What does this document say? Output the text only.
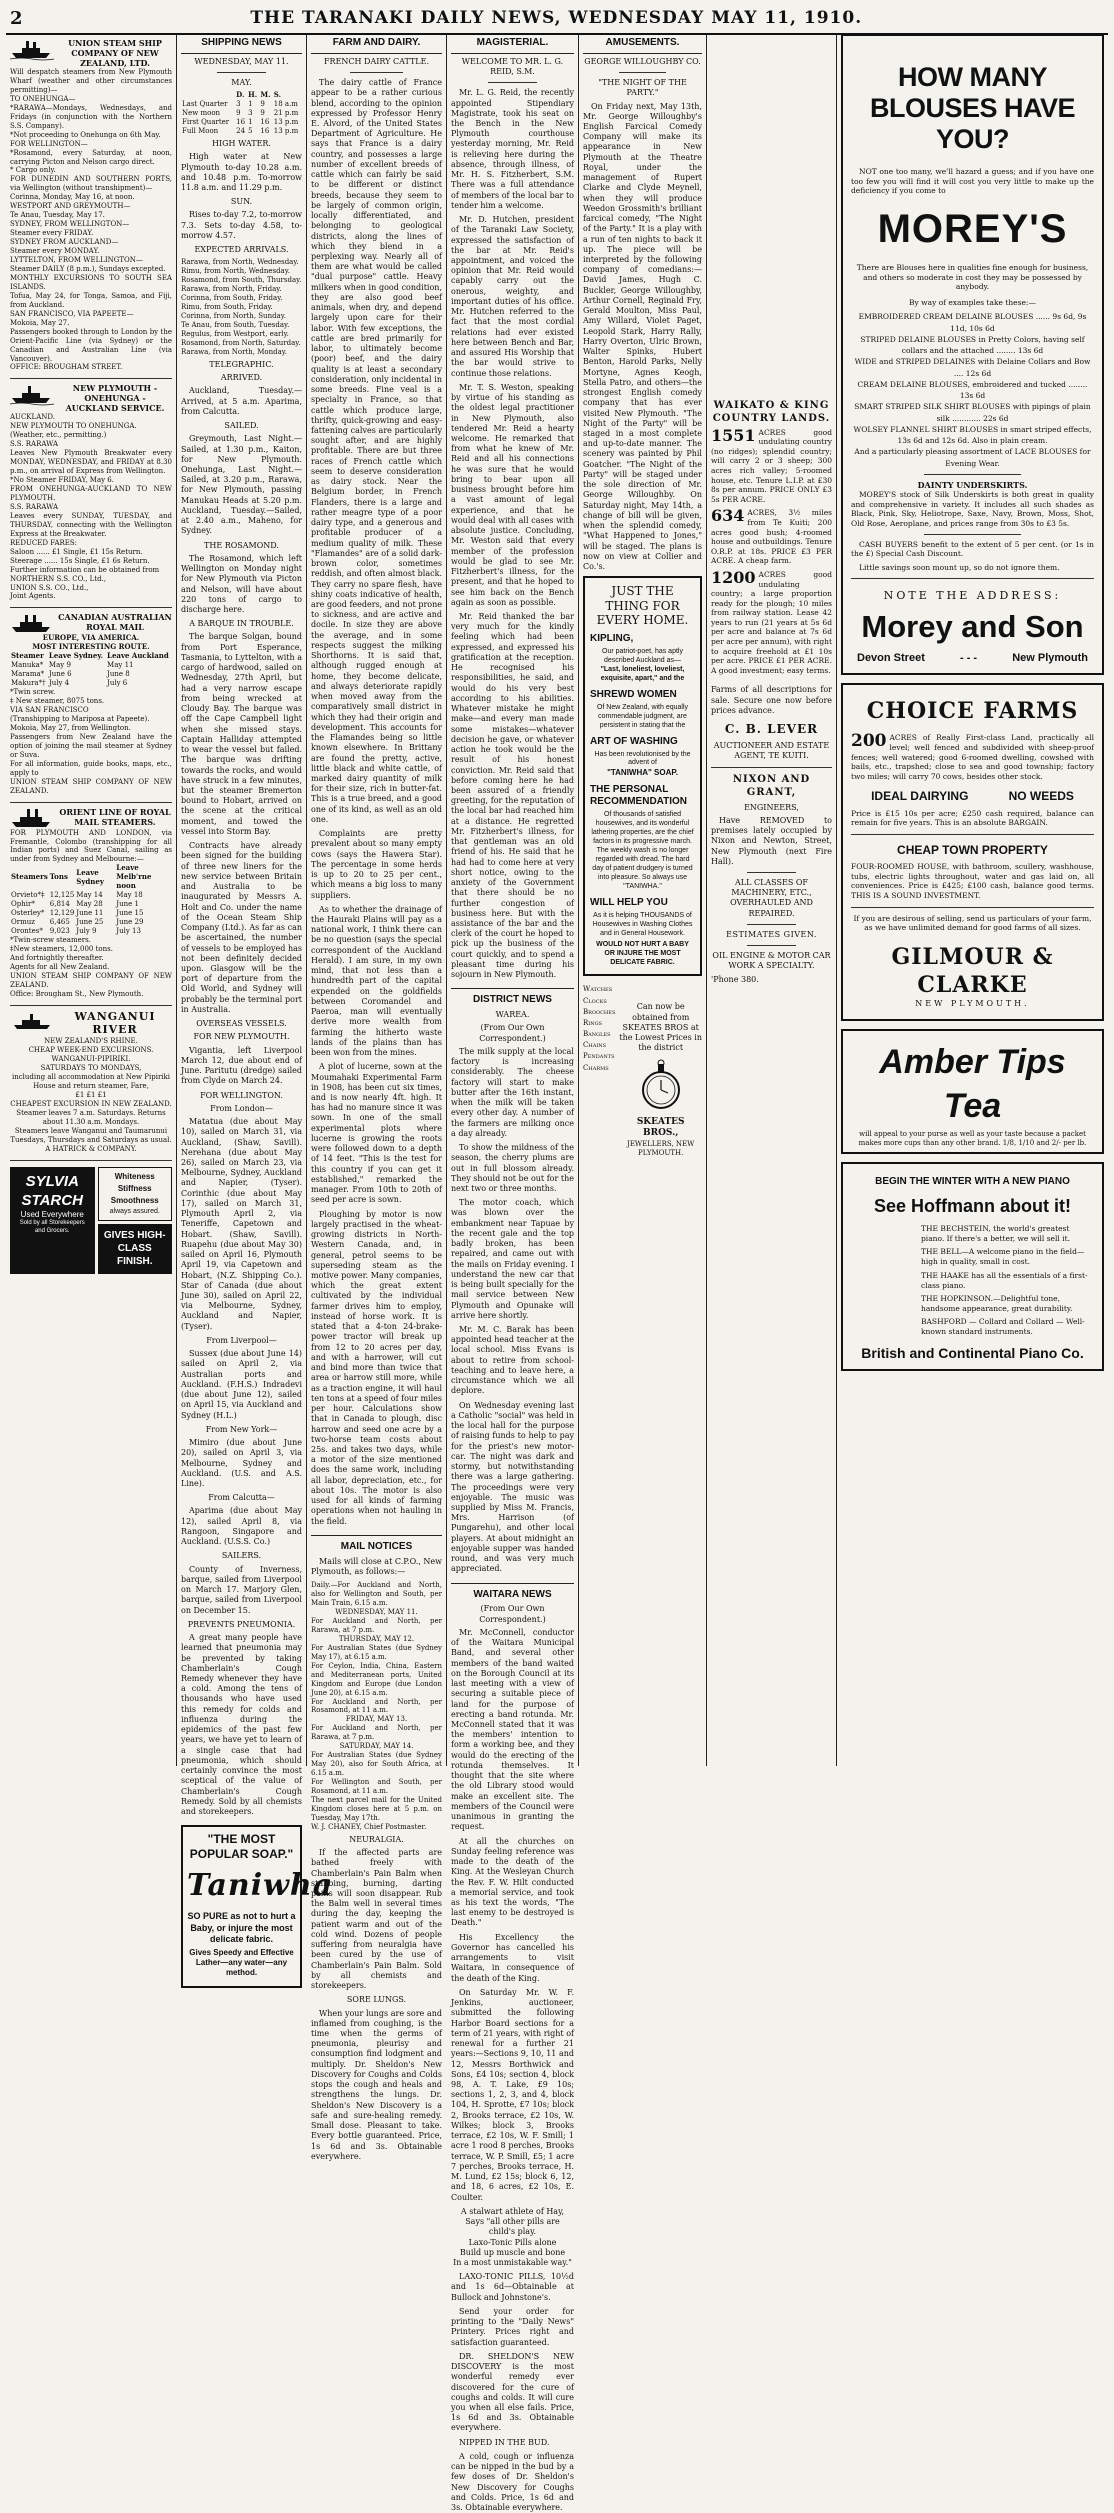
2	THE TARANAKI DAILY NEWS, WEDNESDAY MAY 11, 1910.
UNION STEAM SHIP COMPANY OF NEW ZEALAND, LTD.

Will despatch steamers from New Plymouth Wharf (weather and other circumstances permitting)—

TO ONEHUNGA—

*RARAWA—Mondays, Wednesdays, and Fridays (in conjunction with the Northern S.S. Company).

*Not proceeding to Onehunga on 6th May.

FOR WELLINGTON—

*Rosamond, every Saturday, at noon, carrying Picton and Nelson cargo direct.

* Cargo only.

FOR DUNEDIN AND SOUTHERN PORTS, via Wellington (without transhipment)—

Corinna, Monday, May 16, at noon.

WESTPORT AND GREYMOUTH—

Te Anau, Tuesday, May 17.

SYDNEY, FROM WELLINGTON—

Steamer every FRIDAY.

SYDNEY FROM AUCKLAND—

Steamer every MONDAY.

LYTTELTON, FROM WELLINGTON—

Steamer DAILY (8 p.m.), Sundays excepted.

MONTHLY EXCURSIONS TO SOUTH SEA ISLANDS.

Tofua, May 24, for Tonga, Samoa, and Fiji, from Auckland.

SAN FRANCISCO, VIA PAPEETE—

Mokoia, May 27.

Passengers booked through to London by the Orient-Pacific Line (via Sydney) or the Canadian and Australian Line (via Vancouver).

OFFICE: BROUGHAM STREET.

NEW PLYMOUTH - ONEHUNGA - AUCKLAND SERVICE.

AUCKLAND.

NEW PLYMOUTH TO ONEHUNGA.

(Weather, etc., permitting.)

S.S. RARAWA

Leaves New Plymouth Breakwater every MONDAY, WEDNESDAY, and FRIDAY at 8.30 p.m., on arrival of Express from Wellington.

*No Steamer FRIDAY, May 6.

FROM ONEHUNGA-AUCKLAND TO NEW PLYMOUTH.

S.S. RARAWA

Leaves every SUNDAY, TUESDAY, and THURSDAY, connecting with the Wellington Express at the Breakwater.

REDUCED FARES:

Saloon ...... £1 Single, £1 15s Return.

Steerage ...... 15s Single, £1 6s Return.

Further information can be obtained from

NORTHERN S.S. CO., Ltd.,

UNION S.S. CO., Ltd.,

Joint Agents.

CANADIAN AUSTRALIAN ROYAL MAIL

EUROPE, VIA AMERICA.

MOST INTERESTING ROUTE.

Steamer	Leave Sydney.	Leave Auckland
Manuka*	May 9	May 11
Marama*	June 6	June 8
Makura*†	July 4	July 6

*Twin screw.

‡ New steamer, 8075 tons.

VIA SAN FRANCISCO

(Transhipping to Mariposa at Papeete).

Mokoia, May 27, from Wellington.

Passengers from New Zealand have the option of joining the mail steamer at Sydney or Suva.

For all information, guide books, maps, etc., apply to

UNION STEAM SHIP COMPANY OF NEW ZEALAND.

ORIENT LINE OF ROYAL MAIL STEAMERS.

FOR PLYMOUTH AND LONDON, via Fremantle, Colombo (transhipping for all Indian ports) and Suez Canal, sailing as under from Sydney and Melbourne:—

Steamers	Tons	Leave Sydney	Leave Melb'rne noon
Orvieto*‡	12,125	May 14	May 18
Ophir*	6,814	May 28	June 1
Osterley*	12,129	June 11	June 15
Ormuz	6,465	June 25	June 29
Orontes*	9,023	July 9	July 13

*Twin-screw steamers.

‡New steamers, 12,000 tons.

And fortnightly thereafter.

Agents for all New Zealand.

UNION STEAM SHIP COMPANY OF NEW ZEALAND.

Office: Brougham St., New Plymouth.

WANGANUI RIVER

NEW ZEALAND'S RHINE.

CHEAP WEEK-END EXCURSIONS.

WANGANUI-PIPIRIKI.

SATURDAYS TO MONDAYS,

including all accommodation at New Pipiriki House and return steamer, Fare,

£1 £1 £1

CHEAPEST EXCURSION IN NEW ZEALAND.

Steamer leaves 7 a.m. Saturdays. Returns about 11.30 a.m. Mondays.

Steamers leave Wanganui and Taumarunui Tuesdays, Thursdays and Saturdays as usual.

A HATRICK & COMPANY.

SYLVIA STARCH
Used Everywhere
Sold by all Storekeepers and Grocers.
Whiteness
Stiffness
Smoothness
always assured.
GIVES HIGH-CLASS FINISH.
SHIPPING NEWS
WEDNESDAY, MAY 11.
MAY.
	D.	H.	M.	S.
Last Quarter	3	1	9	18 a.m
New moon	9	3	9	21 p.m
First Quarter	16	1	16	13 p.m
Full Moon	24	5	16	13 p.m
HIGH WATER.

High water at New Plymouth to-day 10.28 a.m. and 10.48 p.m. To-morrow 11.8 a.m. and 11.29 p.m.

SUN.

Rises to-day 7.2, to-morrow 7.3. Sets to-day 4.58, to-morrow 4.57.

EXPECTED ARRIVALS.

Rarawa, from North, Wednesday.

Rimu, from North, Wednesday.

Rosamond, from South, Thursday.

Rarawa, from North, Friday.

Corinna, from South, Friday.

Rimu, from South, Friday.

Corinna, from North, Sunday.

Te Anau, from South, Tuesday.

Regulus, from Westport, early.

Rosamond, from North, Saturday.

Rarawa, from North, Monday.

TELEGRAPHIC.
ARRIVED.

Auckland, Tuesday.—Arrived, at 5 a.m. Aparima, from Calcutta.

SAILED.

Greymouth, Last Night.—Sailed, at 1.30 p.m., Kaiton, for New Plymouth. Onehunga, Last Night.—Sailed, at 3.20 p.m., Rarawa, for New Plymouth, passing Manukau Heads at 5.20 p.m. Auckland, Tuesday.—Sailed, at 2.40 a.m., Maheno, for Sydney.

THE ROSAMOND.

The Rosamond, which left Wellington on Monday night for New Plymouth via Picton and Nelson, will have about 220 tons of cargo to discharge here.

A BARQUE IN TROUBLE.

The barque Solgan, bound from Port Esperance, Tasmania, to Lyttelton, with a cargo of hardwood, sailed on Wednesday, 27th April, but had a very narrow escape from being wrecked at Cloudy Bay. The barque was off the Cape Campbell light when she missed stays. Captain Halliday attempted to wear the vessel but failed. The barque was drifting towards the rocks, and would have struck in a few minutes, but the steamer Bremerton bound to Hobart, arrived on the scene at the critical moment, and towed the vessel into Storm Bay.

Contracts have already been signed for the building of three new liners for the new service between Britain and Australia to be inaugurated by Messrs A. Holt and Co. under the name of the Ocean Steam Ship Company (Ltd.). As far as can be ascertained, the number of vessels to be employed has not been definitely decided upon. Glasgow will be the port of departure from the Old World, and Sydney will probably be the terminal port in Australia.

OVERSEAS VESSELS.
FOR NEW PLYMOUTH.

Vigantia, left Liverpool March 12, due about end of June. Paritutu (dredge) sailed from Clyde on March 24.

FOR WELLINGTON.
From London—

Matatua (due about May 10), sailed on March 31, via Auckland, (Shaw, Savill). Nerehana (due about May 26), sailed on March 23, via Melbourne, Sydney, Auckland and Napier, (Tyser). Corinthic (due about May 17), sailed on March 31, Plymouth April 2, via Teneriffe, Capetown and Hobart. (Shaw, Savill). Ruapehu (due about May 30) sailed on April 16, Plymouth April 19, via Capetown and Hobart, (N.Z. Shipping Co.). Star of Canada (due about June 30), sailed on April 22, via Melbourne, Sydney, Auckland and Napier, (Tyser).

From Liverpool—

Sussex (due about June 14) sailed on April 2, via Australian ports and Auckland. (F.H.S.) Indradevi (due about June 12), sailed on April 15, via Auckland and Sydney (H.L.)

From New York—

Mimiro (due about June 20), sailed on April 3, via Melbourne, Sydney and Auckland. (U.S. and A.S. Line).

From Calcutta—

Aparima (due about May 12), sailed April 8, via Rangoon, Singapore and Auckland. (U.S.S. Co.)

SAILERS.

County of Inverness, barque, sailed from Liverpool on March 17. Marjory Glen, barque, sailed from Liverpool on December 15.

PREVENTS PNEUMONIA.

A great many people have learned that pneumonia may be prevented by taking Chamberlain's Cough Remedy whenever they have a cold. Among the tens of thousands who have used this remedy for colds and influenza during the epidemics of the past few years, we have yet to learn of a single case that had pneumonia, which should certainly convince the most sceptical of the value of Chamberlain's Cough Remedy. Sold by all chemists and storekeepers.

"THE MOST POPULAR SOAP."
Taniwha
SO PURE as not to hurt a Baby, or injure the most delicate fabric.
Gives Speedy and Effective Lather—any water—any method.
FARM AND DAIRY.
FRENCH DAIRY CATTLE.

The dairy cattle of France appear to be a rather curious blend, according to the opinion expressed by Professor Henry E. Alvord, of the United States Department of Agriculture. He says that France is a dairy country, and possesses a large number of excellent breeds of cattle which can fairly be said to be different or distinct breeds, because they seem to be largely of common origin, locally differentiated, and belonging to geological districts, along the lines of which they blend in a perplexing way. Nearly all of them are what would be called "dual purpose" cattle. Heavy milkers when in good condition, they are also good beef animals, when dry, and depend largely upon care for their labor. With few exceptions, the cattle are bred primarily for labor, to ultimately become (poor) beef, and the dairy quality is at least a secondary consideration, only incidental in some breeds. Fine veal is a specialty in France, so that cattle which produce large, thrifty, quick-growing and easy-fattening calves are particularly sought after, and are highly profitable. There are but three races of French cattle which seem to deserve consideration as dairy stock. Near the Belgium border, in French Flanders, there is a large and rather meagre type of a poor dairy type, and a generous and profitable producer of a medium quality of milk. These "Flamandes" are of a solid dark-brown color, sometimes reddish, and often almost black. They carry no spare flesh, have shiny coats indicative of health, are good feeders, and not prone to sickness, and are active and docile. In size they are above the average, and in some respects suggest the milking Shorthorns. It is said that, although rugged enough at home, they become delicate, and always deteriorate rapidly when moved away from the comparatively small district in which they had their origin and development. This accounts for the Flamandes being so little known elsewhere. In Brittany are found the pretty, active, little black and white cattle, of marked dairy quantity of milk for their size, rich in butter-fat. This is a true breed, and a good one of its kind, as well as an old one.

Complaints are pretty prevalent about so many empty cows (says the Hawera Star). The percentage in some herds is up to 20 to 25 per cent., which means a big loss to many suppliers.

As to whether the drainage of the Hauraki Plains will pay as a national work, I think there can be no question (says the special correspondent of the Auckland Herald). I am sure, in my own mind, that not less than a hundredth part of the capital expended on the goldfields between Coromandel and Paeroa, man will eventually derive more wealth from farming the hitherto waste lands of the plains than has been won from the mines.

A plot of lucerne, sown at the Moumahaki Experimental Farm in 1908, has been cut six times, and is now nearly 4ft. high. It has had no manure since it was sown. In one of the small experimental plots where lucerne is growing the roots were followed down to a depth of 14 feet. "This is the test for this country if you can get it established," remarked the manager. From 10th to 20th of seed per acre is sown.

Ploughing by motor is now largely practised in the wheat-growing districts in North-Western Canada, and, in general, petrol seems to be superseding steam as the motive power. Many companies, which the great extent cultivated by the individual farmer drives him to employ, instead of horse work. It is stated that a 4-ton 24-brake-power tractor will break up from 12 to 20 acres per day, and with a harrower, will cut and bind more than twice that area or harrow still more, while as a traction engine, it will haul ten tons at a speed of four miles per hour. Calculations show that in Canada to plough, disc harrow and seed one acre by a two-horse team costs about 25s. and takes two days, while a motor of the size mentioned does the same work, including all labor, depreciation, etc., for about 10s. The motor is also used for all kinds of farming operations when not hauling in the field.

MAIL NOTICES

Mails will close at C.P.O., New Plymouth, as follows:—

Daily.—For Auckland and North, also for Wellington and South, per Main Train, 6.15 a.m.

WEDNESDAY, MAY 11.

For Auckland and North, per Rarawa, at 7 p.m.

THURSDAY, MAY 12.

For Australian States (due Sydney May 17), at 6.15 a.m.

For Ceylon, India, China, Eastern and Mediterranean ports, United Kingdom and Europe (due London June 20), at 6.15 a.m.

For Auckland and North, per Rosamond, at 11 a.m.

FRIDAY, MAY 13.

For Auckland and North, per Rarawa, at 7 p.m.

SATURDAY, MAY 14.

For Australian States (due Sydney May 20), also for South Africa, at 6.15 a.m.

For Wellington and South, per Rosamond, at 11 a.m.

The next parcel mail for the United Kingdom closes here at 5 p.m. on Tuesday, May 17th.

W. J. CHANEY, Chief Postmaster.

NEURALGIA.

If the affected parts are bathed freely with Chamberlain's Pain Balm when stabbing, burning, darting pains will soon disappear. Rub the Balm well in several times during the day, keeping the patient warm and out of the cold wind. Dozens of people suffering from neuralgia have been cured by the use of Chamberlain's Pain Balm. Sold by all chemists and storekeepers.

SORE LUNGS.

When your lungs are sore and inflamed from coughing, is the time when the germs of pneumonia, pleurisy and consumption find lodgment and multiply. Dr. Sheldon's New Discovery for Coughs and Colds stops the cough and heals and strengthens the lungs. Dr. Sheldon's New Discovery is a safe and sure-healing remedy. Small dose. Pleasant to take. Every bottle guaranteed. Price, 1s 6d and 3s. Obtainable everywhere.

MAGISTERIAL.
WELCOME TO MR. L. G. REID, S.M.

Mr. L. G. Reid, the recently appointed Stipendiary Magistrate, took his seat on the Bench in the New Plymouth courthouse yesterday morning, Mr. Reid is relieving here during the absence, through illness, of Mr. H. S. Fitzherbert, S.M. There was a full attendance of members of the local bar to tender him a welcome.

Mr. D. Hutchen, president of the Taranaki Law Society, expressed the satisfaction of the bar at Mr. Reid's appointment, and voiced the opinion that Mr. Reid would capably carry out the onerous, weighty, and important duties of his office. Mr. Hutchen referred to the fact that the most cordial relations had ever existed here between Bench and Bar, and assured His Worship that the bar would strive to continue those relations.

Mr. T. S. Weston, speaking by virtue of his standing as the oldest legal practitioner in New Plymouth, also tendered Mr. Reid a hearty welcome. He remarked that from what he knew of Mr. Reid and all his connections he was sure that he would bring to bear upon all business brought before him a vast amount of legal experience, and that he would deal with all cases with absolute justice. Concluding, Mr. Weston said that every member of the profession would be glad to see Mr. Fitzherbert's illness, for the present, and that he hoped to see him back on the Bench again as soon as possible.

Mr. Reid thanked the bar very much for the kindly feeling which had been expressed, and expressed his gratification at the reception. He recognised his responsibilities, he said, and would do his very best according to his abilities. Whatever mistake he might make—and every man made some mistakes—whatever decision he gave, or whatever action he took would be the result of his honest conviction. Mr. Reid said that before coming here he had been assured of a friendly greeting, for the reputation of the local bar had reached him at a distance. He regretted Mr. Fitzherbert's illness, for that gentleman was an old friend of his. He said that he had had to come here at very short notice, owing to the anxiety of the Government that there should be no further congestion of business here. But with the assistance of the bar and the clerk of the court he hoped to pick up the business of the court quickly, and to spend a pleasant time during his sojourn in New Plymouth.

DISTRICT NEWS
WAREA.
(From Our Own Correspondent.)

The milk supply at the local factory is increasing considerably. The cheese factory will start to make butter after the 16th instant, when the milk will be taken every other day. A number of the farmers are milking once a day already.

To show the mildness of the season, the cherry plums are out in full blossom already. They should not be out for the next two or three months.

The motor coach, which was blown over the embankment near Tapuae by the recent gale and the top badly broken, has been repaired, and came out with the mails on Friday evening. I understand the new car that is being built specially for the mail service between New Plymouth and Opunake will arrive here shortly.

Mr. M. C. Barak has been appointed head teacher at the local school. Miss Evans is about to retire from school-teaching and to leave here, a circumstance which we all deplore.

On Wednesday evening last a Catholic "social" was held in the local hall for the purpose of raising funds to help to pay for the priest's new motor-car. The night was dark and stormy, but notwithstanding there was a large gathering. The proceedings were very enjoyable. The music was supplied by Miss M. Francis, Mrs. Harrison (of Pungarehu), and other local players. At about midnight an enjoyable supper was handed round, and was very much appreciated.

WAITARA NEWS
(From Our Own Correspondent.)

Mr. McConnell, conductor of the Waitara Municipal Band, and several other members of the band waited on the Borough Council at its last meeting with a view of securing a suitable piece of land for the purpose of erecting a band rotunda. Mr. McConnell stated that it was the members' intention to form a working bee, and they would do the erecting of the rotunda themselves. It thought that the site where the old Library stood would make an excellent site. The members of the Council were unanimous in granting the request.

At all the churches on Sunday feeling reference was made to the death of the King. At the Wesleyan Church the Rev. F. W. Hilt conducted a memorial service, and took as his text the words, "The last enemy to be destroyed is Death."

His Excellency the Governor has cancelled his arrangements to visit Waitara, in consequence of the death of the King.

On Saturday Mr. W. F. Jenkins, auctioneer, submitted the following Harbor Board sections for a term of 21 years, with right of renewal for a further 21 years:—Sections 9, 10, 11 and 12, Messrs Borthwick and Sons, £4 10s; section 4, block 98, A. T. Lake, £9 10s; sections 1, 2, 3, and 4, block 104, H. Sprotte, £7 10s; block 2, Brooks terrace, £2 10s, W. Wilkes; block 3, Brooks terrace, £2 10s, W. F. Smill; 1 acre 1 rood 8 perches, Brooks terrace, W. P. Smill, £5; 1 acre 7 perches, Brooks terrace, H. M. Lund, £2 15s; block 6, 12, and 18, 6 acres, £2 10s, E. Coulter.

A stalwart athlete of Hay,
Says "all other pills are child's play.
Laxo-Tonic Pills alone
Build up muscle and bone
In a most unmistakable way."

LAXO-TONIC PILLS, 10½d and 1s 6d—Obtainable at Bullock and Johnstone's.

Send your order for printing to the "Daily News" Printery. Prices right and satisfaction guaranteed.

DR. SHELDON'S NEW DISCOVERY is the most wonderful remedy ever discovered for the cure of coughs and colds. It will cure you when all else fails. Price, 1s 6d and 3s. Obtainable everywhere.

NIPPED IN THE BUD.

A cold, cough or influenza can be nipped in the bud by a few doses of Dr. Sheldon's New Discovery for Coughs and Colds. Price, 1s 6d and 3s. Obtainable everywhere.

AMUSEMENTS.
GEORGE WILLOUGHBY CO.
"THE NIGHT OF THE PARTY."

On Friday next, May 13th, Mr. George Willoughby's English Farcical Comedy Company will make its appearance in New Plymouth at the Theatre Royal, under the management of Rupert Clarke and Clyde Meynell, when they will produce Weedon Grossmith's brilliant farcical comedy, "The Night of the Party." It is a play with a run of ten nights to back it up. The piece will be interpreted by the following company of comedians:—David James, Hugh C. Buckler, George Willoughby, Arthur Cornell, Reginald Fry, Gerald Moulton, Miss Paul, Amy Willard, Violet Paget, Leopold Stark, Harry Rally, Harry Overton, Ulric Brown, Walter Spinks, Hubert Benton, Harold Parks, Nelly Mortyne, Agnes Keogh, Stella Patro, and others—the strongest English comedy company that has ever visited New Plymouth. "The Night of the Party" will be staged in a most complete and up-to-date manner. The scenery was painted by Phil Goatcher. "The Night of the Party" will be staged under the sole direction of Mr. George Willoughby. On Saturday night, May 14th, a change of bill will be given, when the splendid comedy, "What Happened to Jones," will be staged. The plans is now on view at Collier and Co.'s.

JUST THE THING FOR EVERY HOME.
KIPLING,
Our patriot-poet, has aptly described Auckland as—
"Last, loneliest, loveliest, exquisite, apart," and the
SHREWD WOMEN
Of New Zealand, with equally commendable judgment, are persistent in stating that the
ART OF WASHING
Has been revolutionised by the advent of
"TANIWHA" SOAP.
THE PERSONAL RECOMMENDATION
Of thousands of satisfied housewives, and its wonderful lathering properties, are the chief factors in its progressive march. The weekly wash is no longer regarded with dread. The hard day of patient drudgery is turned into pleasure. So always use "TANIWHA."
WILL HELP YOU
As it is helping THOUSANDS of Housewives in Washing Clothes and in General Housework.
WOULD NOT HURT A BABY OR INJURE THE MOST DELICATE FABRIC.
Watches
Clocks
Brooches
Rings
Bangles
Chains
Pendants
Charms
Can now be obtained from SKEATES BROS at the Lowest Prices in the district
SKEATES BROS.,
JEWELLERS, NEW PLYMOUTH.
WAIKATO & KING COUNTRY LANDS.
1551 ACRES good undulating country (no ridges); splendid country; will carry 2 or 3 sheep; 300 acres rich valley; 5-roomed house, etc. Tenure L.I.P. at £30 8s per annum. PRICE ONLY £3 5s PER ACRE.
634 ACRES, 3½ miles from Te Kuiti; 200 acres good bush; 4-roomed house and outbuildings. Tenure O.R.P. at 18s. PRICE £3 PER ACRE. A cheap farm.
1200 ACRES good undulating country; a large proportion ready for the plough; 10 miles from railway station. Lease 42 years to run (21 years at 5s 6d per acre and balance at 7s 6d per acre per annum), with right to acquire freehold at £1 10s per acre. PRICE £1 PER ACRE. A good investment; easy terms.

Farms of all descriptions for sale. Secure one now before prices advance.

C. B. LEVER
AUCTIONEER AND ESTATE AGENT, TE KUITI.
NIXON AND GRANT,
ENGINEERS,

Have REMOVED to premises lately occupied by Nixon and Newton, Street, New Plymouth (next Fire Hall).

ALL CLASSES OF MACHINERY, ETC., OVERHAULED AND REPAIRED.
ESTIMATES GIVEN.
OIL ENGINE & MOTOR CAR WORK A SPECIALTY.
'Phone 380.
HOW MANY BLOUSES HAVE YOU?

NOT one too many, we'll hazard a guess; and if you have one too few you will find it will cost you very little to make up the deficiency if you come to

MOREY'S

There are Blouses here in qualities fine enough for business, and others so moderate in cost they may be possessed by anybody.

By way of examples take these:—

EMBROIDERED CREAM DELAINE BLOUSES ...... 9s 6d, 9s 11d, 10s 6d
STRIPED DELAINE BLOUSES in Pretty Colors, having self collars and the attached ........ 13s 6d
WIDE and STRIPED DELAINES with Delaine Collars and Bow .... 12s 6d
CREAM DELAINE BLOUSES, embroidered and tucked ........ 13s 6d
SMART STRIPED SILK SHIRT BLOUSES with pipings of plain silk ............ 22s 6d
WOLSEY FLANNEL SHIRT BLOUSES in smart striped effects, 13s 6d and 12s 6d. Also in plain cream.
And a particularly pleasing assortment of LACE BLOUSES for Evening Wear.
DAINTY UNDERSKIRTS.

MOREY'S stock of Silk Underskirts is both great in quality and comprehensive in variety. It includes all such shades as Black, Pink, Sky, Heliotrope, Saxe, Navy, Brown, Moss, Shot, Old Rose, Aeroplane, and prices range from 30s to £3 5s.

CASH BUYERS benefit to the extent of 5 per cent. (or 1s in the £) Special Cash Discount.

Little savings soon mount up, so do not ignore them.

NOTE THE ADDRESS:
Morey and Son
Devon Street	- - -	New Plymouth
CHOICE FARMS
200 ACRES of Really First-class Land, practically all level; well fenced and subdivided with sheep-proof fences; well watered; good 6-roomed dwelling, cowshed with bails, etc., trapshed; close to sea and good township; factory two miles; will carry 70 cows, besides other stock.
IDEAL DAIRYING	NO WEEDS
Price is £15 10s per acre; £250 cash required, balance can remain for five years. This is an absolute BARGAIN.
CHEAP TOWN PROPERTY
FOUR-ROOMED HOUSE, with bathroom, scullery, washhouse, tubs, electric lights throughout, water and gas laid on, all conveniences. Price is £425; £100 cash, balance good terms. THIS IS A SOUND INVESTMENT.
If you are desirous of selling, send us particulars of your farm, as we have unlimited demand for good farms of all sizes.
GILMOUR & CLARKE
NEW PLYMOUTH.
Amber Tips Tea
will appeal to your purse as well as your taste because a packet makes more cups than any other brand. 1/8, 1/10 and 2/- per lb.
BEGIN THE WINTER WITH A NEW PIANO
See Hoffmann about it!
THE BECHSTEIN, the world's greatest piano. If there's a better, we will sell it.
THE BELL—A welcome piano in the field—high in quality, small in cost.
THE HAAKE has all the essentials of a first-class piano.
THE HOPKINSON.—Delightful tone, handsome appearance, great durability.
BASHFORD — Collard and Collard — Well-known standard instruments.
British and Continental Piano Co.
